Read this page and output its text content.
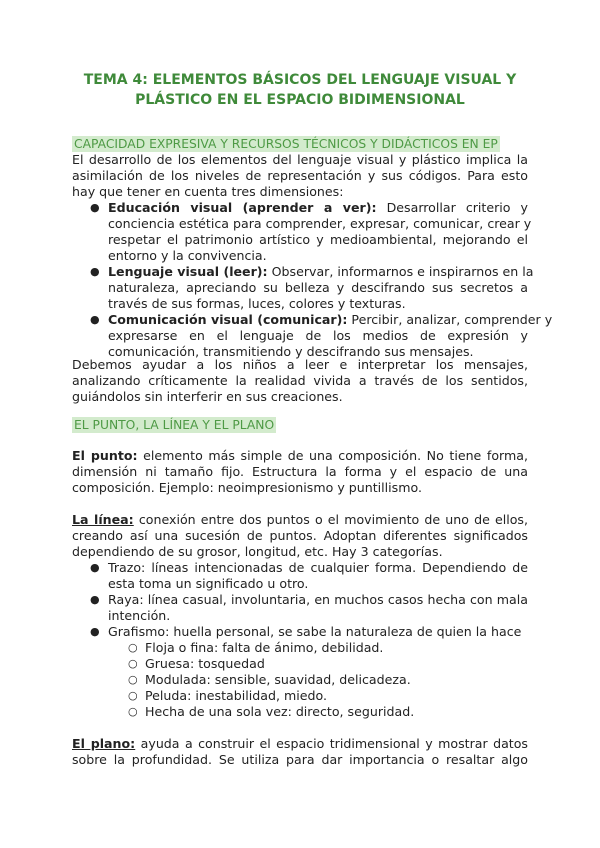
TEMA 4: ELEMENTOS BÁSICOS DEL LENGUAJE VISUAL Y
PLÁSTICO EN EL ESPACIO BIDIMENSIONAL
CAPACIDAD EXPRESIVA Y RECURSOS TÉCNICOS Y DIDÁCTICOS EN EP
El desarrollo de los elementos del lenguaje visual y plástico implica la
asimilación de los niveles de representación y sus códigos. Para esto
hay que tener en cuenta tres dimensiones:
● Educación visual (aprender a ver): Desarrollar criterio y
conciencia estética para comprender, expresar, comunicar, crear y
respetar el patrimonio artístico y medioambiental, mejorando el
entorno y la convivencia.
● Lenguaje visual (leer): Observar, informarnos e inspirarnos en la
naturaleza, apreciando su belleza y descifrando sus secretos a
través de sus formas, luces, colores y texturas.
● Comunicación visual (comunicar): Percibir, analizar, comprender y
expresarse en el lenguaje de los medios de expresión y
comunicación, transmitiendo y descifrando sus mensajes.
Debemos ayudar a los niños a leer e interpretar los mensajes,
analizando críticamente la realidad vivida a través de los sentidos,
guiándolos sin interferir en sus creaciones.
EL PUNTO, LA LÍNEA Y EL PLANO
El punto: elemento más simple de una composición. No tiene forma,
dimensión ni tamaño fijo. Estructura la forma y el espacio de una
composición. Ejemplo: neoimpresionismo y puntillismo.
La línea: conexión entre dos puntos o el movimiento de uno de ellos,
creando así una sucesión de puntos. Adoptan diferentes significados
dependiendo de su grosor, longitud, etc. Hay 3 categorías.
● Trazo: líneas intencionadas de cualquier forma. Dependiendo de
esta toma un significado u otro.
● Raya: línea casual, involuntaria, en muchos casos hecha con mala
intención.
● Grafismo: huella personal, se sabe la naturaleza de quien la hace
○ Floja o fina: falta de ánimo, debilidad.
○ Gruesa: tosquedad
○ Modulada: sensible, suavidad, delicadeza.
○ Peluda: inestabilidad, miedo.
○ Hecha de una sola vez: directo, seguridad.
El plano: ayuda a construir el espacio tridimensional y mostrar datos
sobre la profundidad. Se utiliza para dar importancia o resaltar algo
